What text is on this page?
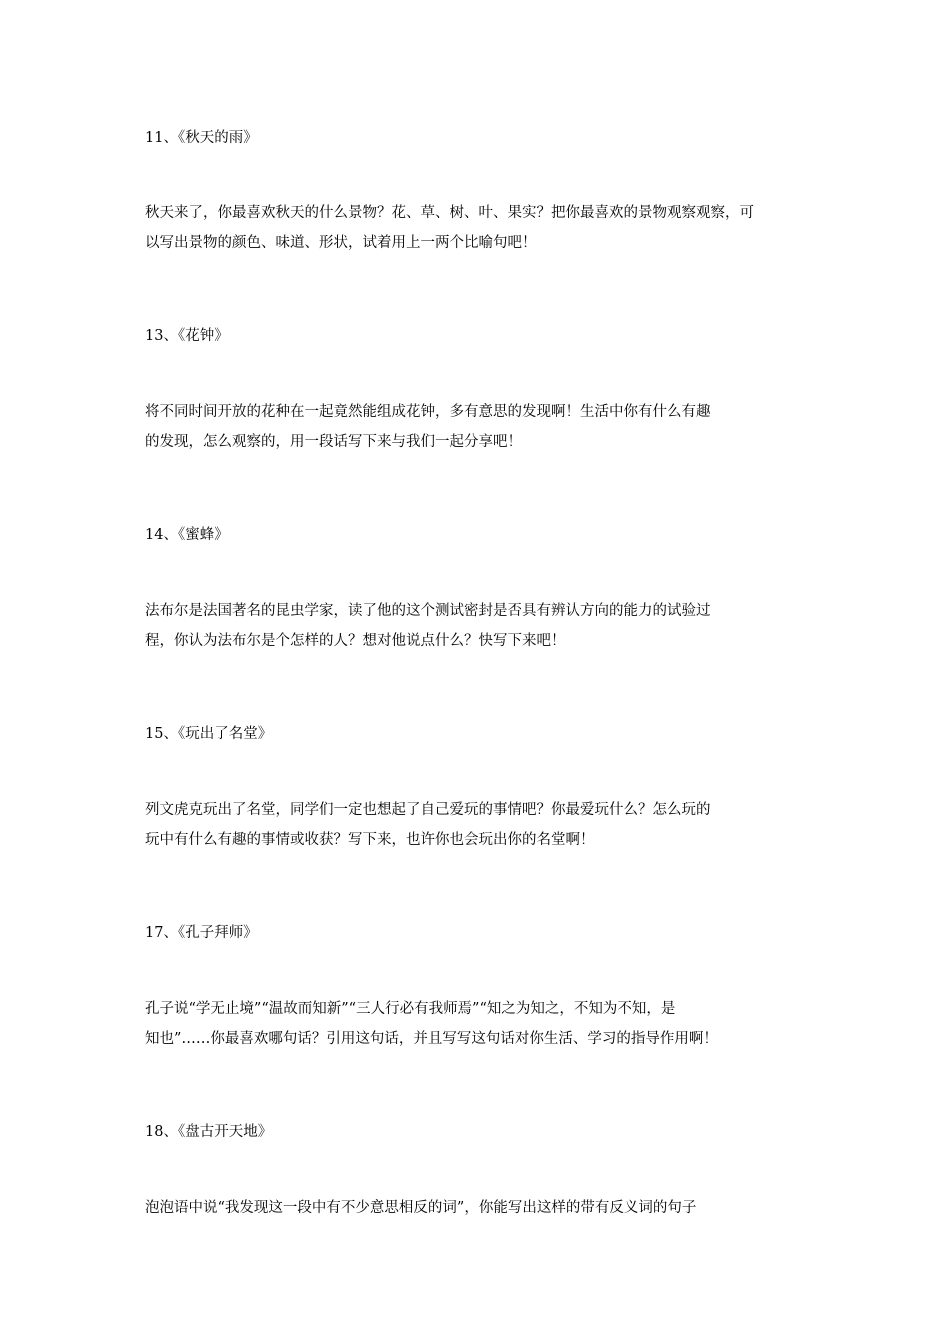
11、《秋天的雨》
秋天来了，你最喜欢秋天的什么景物？花、草、树、叶、果实？把你最喜欢的景物观察观察，可
以写出景物的颜色、味道、形状，试着用上一两个比喻句吧！
13、《花钟》
将不同时间开放的花种在一起竟然能组成花钟，多有意思的发现啊！生活中你有什么有趣
的发现，怎么观察的，用一段话写下来与我们一起分享吧！
14、《蜜蜂》
法布尔是法国著名的昆虫学家，读了他的这个测试密封是否具有辨认方向的能力的试验过
程，你认为法布尔是个怎样的人？想对他说点什么？快写下来吧！
15、《玩出了名堂》
列文虎克玩出了名堂，同学们一定也想起了自己爱玩的事情吧？你最爱玩什么？怎么玩的
玩中有什么有趣的事情或收获？写下来，也许你也会玩出你的名堂啊！
17、《孔子拜师》
孔子说“学无止境”“温故而知新”“三人行必有我师焉”“知之为知之，不知为不知，是
知也”……你最喜欢哪句话？引用这句话，并且写写这句话对你生活、学习的指导作用啊！
18、《盘古开天地》
泡泡语中说“我发现这一段中有不少意思相反的词”，你能写出这样的带有反义词的句子
